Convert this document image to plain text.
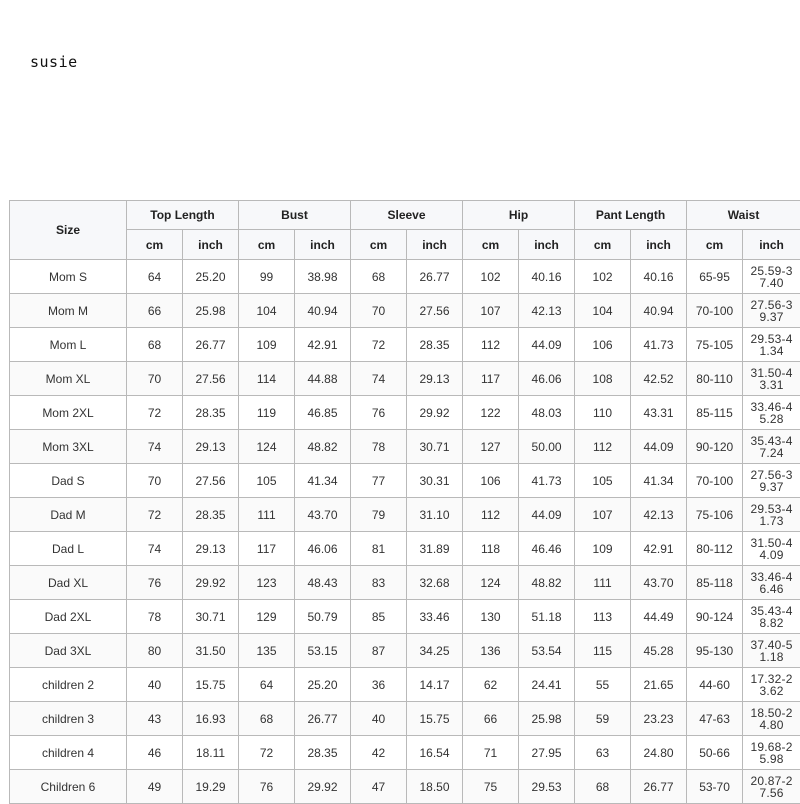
susie
Size	Top Length		Bust		Sleeve		Hip		Pant Length		Waist	
	cm	inch	cm	inch	cm	inch	cm	inch	cm	inch	cm	inch
Mom S	64	25.20	99	38.98	68	26.77	102	40.16	102	40.16	65-95	25.59-37.40
Mom M	66	25.98	104	40.94	70	27.56	107	42.13	104	40.94	70-100	27.56-39.37
Mom L	68	26.77	109	42.91	72	28.35	112	44.09	106	41.73	75-105	29.53-41.34
Mom XL	70	27.56	114	44.88	74	29.13	117	46.06	108	42.52	80-110	31.50-43.31
Mom 2XL	72	28.35	119	46.85	76	29.92	122	48.03	110	43.31	85-115	33.46-45.28
Mom 3XL	74	29.13	124	48.82	78	30.71	127	50.00	112	44.09	90-120	35.43-47.24
Dad S	70	27.56	105	41.34	77	30.31	106	41.73	105	41.34	70-100	27.56-39.37
Dad M	72	28.35	111	43.70	79	31.10	112	44.09	107	42.13	75-106	29.53-41.73
Dad L	74	29.13	117	46.06	81	31.89	118	46.46	109	42.91	80-112	31.50-44.09
Dad XL	76	29.92	123	48.43	83	32.68	124	48.82	111	43.70	85-118	33.46-46.46
Dad 2XL	78	30.71	129	50.79	85	33.46	130	51.18	113	44.49	90-124	35.43-48.82
Dad 3XL	80	31.50	135	53.15	87	34.25	136	53.54	115	45.28	95-130	37.40-51.18
children 2	40	15.75	64	25.20	36	14.17	62	24.41	55	21.65	44-60	17.32-23.62
children 3	43	16.93	68	26.77	40	15.75	66	25.98	59	23.23	47-63	18.50-24.80
children 4	46	18.11	72	28.35	42	16.54	71	27.95	63	24.80	50-66	19.68-25.98
Children 6	49	19.29	76	29.92	47	18.50	75	29.53	68	26.77	53-70	20.87-27.56
